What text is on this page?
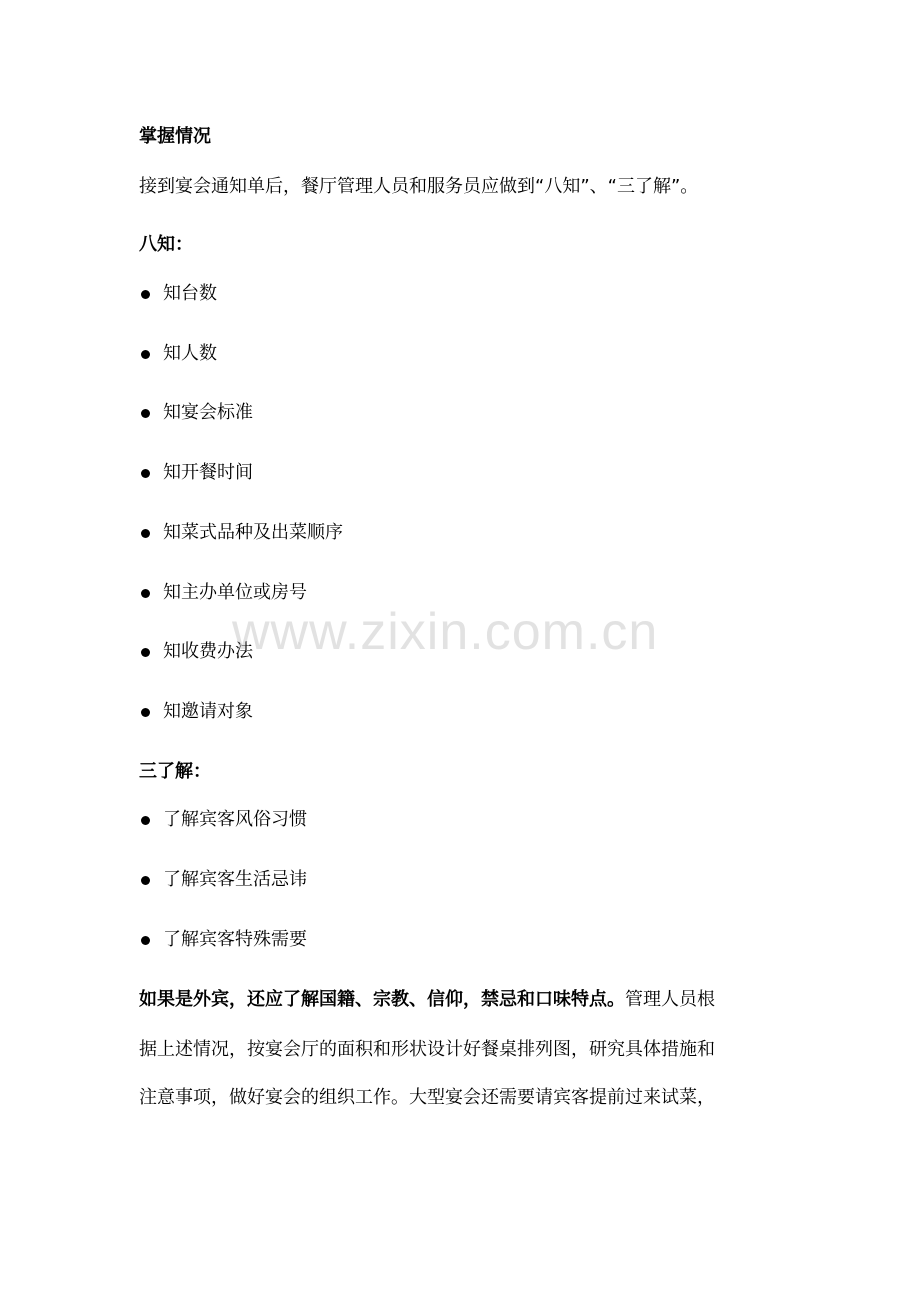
掌握情况
接到宴会通知单后，餐厅管理人员和服务员应做到“八知”、“三了解”。
八知：
知台数
知人数
知宴会标准
知开餐时间
知菜式品种及出菜顺序
知主办单位或房号
知收费办法
知邀请对象
三了解：
了解宾客风俗习惯
了解宾客生活忌讳
了解宾客特殊需要
如果是外宾，还应了解国籍、宗教、信仰，禁忌和口味特点。管理人员根
据上述情况，按宴会厅的面积和形状设计好餐桌排列图，研究具体措施和
注意事项，做好宴会的组织工作。大型宴会还需要请宾客提前过来试菜，
www.zixin.com.cn
